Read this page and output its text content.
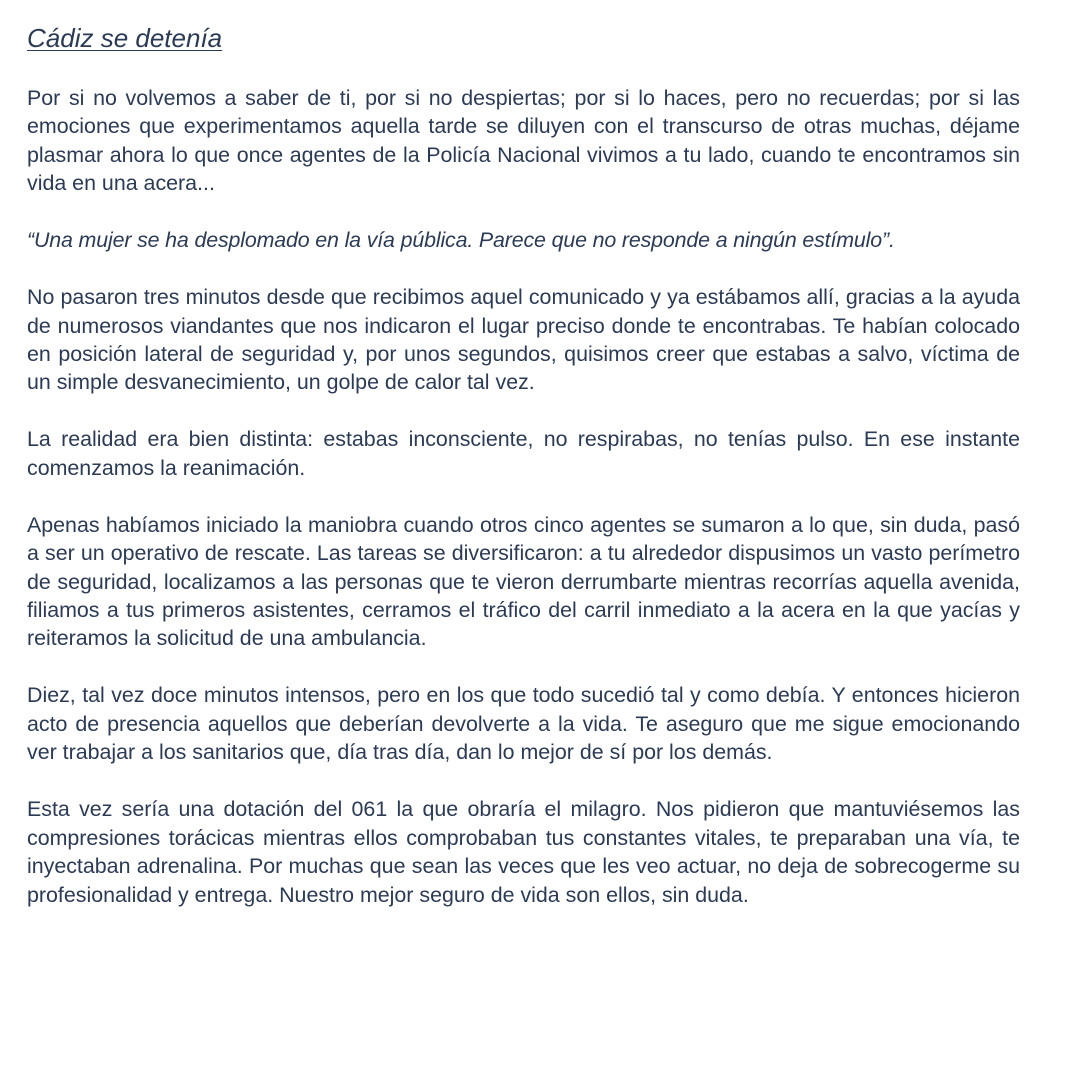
Cádiz se detenía

Por si no volvemos a saber de ti, por si no despiertas; por si lo haces, pero no recuerdas; por si las emociones que experimentamos aquella tarde se diluyen con el transcurso de otras muchas, déjame plasmar ahora lo que once agentes de la Policía Nacional vivimos a tu lado, cuando te encontramos sin vida en una acera...

“Una mujer se ha desplomado en la vía pública. Parece que no responde a ningún estímulo”.

No pasaron tres minutos desde que recibimos aquel comunicado y ya estábamos allí, gracias a la ayuda de numerosos viandantes que nos indicaron el lugar preciso donde te encontrabas. Te habían colocado en posición lateral de seguridad y, por unos segundos, quisimos creer que estabas a salvo, víctima de un simple desvanecimiento, un golpe de calor tal vez.

La realidad era bien distinta: estabas inconsciente, no respirabas, no tenías pulso. En ese instante comenzamos la reanimación.

Apenas habíamos iniciado la maniobra cuando otros cinco agentes se sumaron a lo que, sin duda, pasó a ser un operativo de rescate. Las tareas se diversificaron: a tu alrededor dispusimos un vasto perímetro de seguridad, localizamos a las personas que te vieron derrumbarte mientras recorrías aquella avenida, filiamos a tus primeros asistentes, cerramos el tráfico del carril inmediato a la acera en la que yacías y reiteramos la solicitud de una ambulancia.

Diez, tal vez doce minutos intensos, pero en los que todo sucedió tal y como debía. Y entonces hicieron acto de presencia aquellos que deberían devolverte a la vida. Te aseguro que me sigue emocionando ver trabajar a los sanitarios que, día tras día, dan lo mejor de sí por los demás.

Esta vez sería una dotación del 061 la que obraría el milagro. Nos pidieron que mantuviésemos las compresiones torácicas mientras ellos comprobaban tus constantes vitales, te preparaban una vía, te inyectaban adrenalina. Por muchas que sean las veces que les veo actuar, no deja de sobrecogerme su profesionalidad y entrega. Nuestro mejor seguro de vida son ellos, sin duda.
